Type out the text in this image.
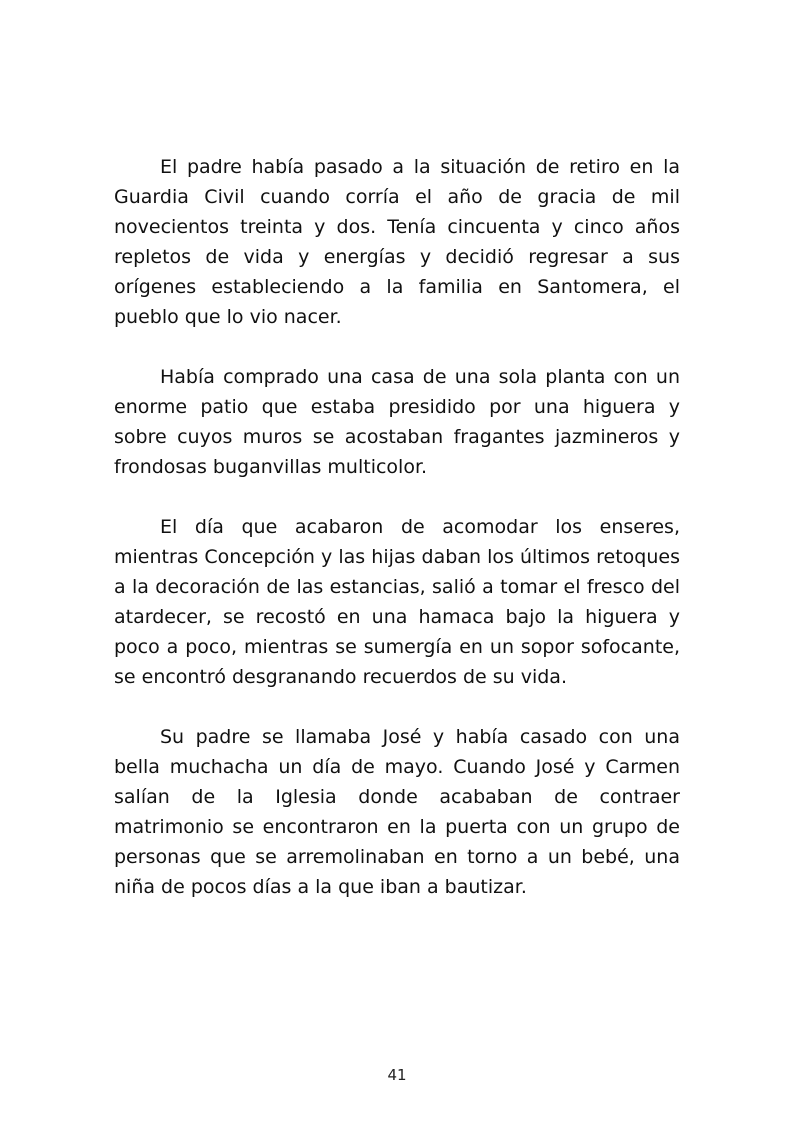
El padre había pasado a la situación de retiro en la Guardia Civil cuando corría el año de gracia de mil novecientos treinta y dos. Tenía cincuenta y cinco años repletos de vida y energías y decidió regresar a sus orígenes estableciendo a la familia en Santomera, el pueblo que lo vio nacer.

Había comprado una casa de una sola planta con un enorme patio que estaba presidido por una higuera y sobre cuyos muros se acostaban fragantes jazmineros y frondosas buganvillas multicolor.

El día que acabaron de acomodar los enseres, mientras Concepción y las hijas daban los últimos retoques a la decoración de las estancias, salió a tomar el fresco del atardecer, se recostó en una hamaca bajo la higuera y poco a poco, mientras se sumergía en un sopor sofocante, se encontró desgranando recuerdos de su vida.

Su padre se llamaba José y había casado con una bella muchacha un día de mayo. Cuando José y Carmen salían de la Iglesia donde acababan de contraer matrimonio se encontraron en la puerta con un grupo de personas que se arremolinaban en torno a un bebé, una niña de pocos días a la que iban a bautizar.

41
